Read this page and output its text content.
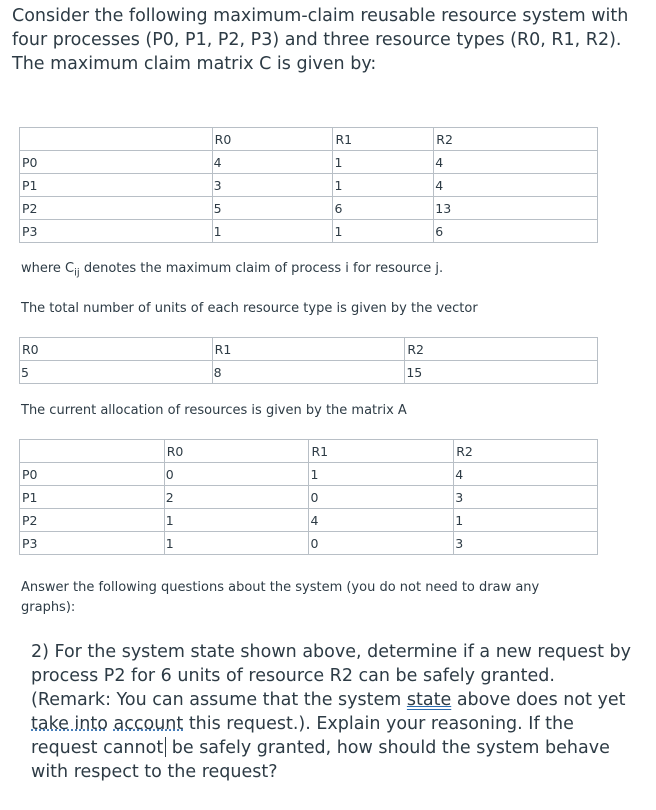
Consider the following maximum-claim reusable resource system with four processes (P0, P1, P2, P3) and three resource types (R0, R1, R2). The maximum claim matrix C is given by:

	R0	R1	R2
P0	4	1	4
P1	3	1	4
P2	5	6	13
P3	1	1	6

where $C_{ij}$ denotes the maximum claim of process i for resource j.

The total number of units of each resource type is given by the vector

R0	R1	R2
5	8	15

The current allocation of resources is given by the matrix A

	R0	R1	R2
P0	0	1	4
P1	2	0	3
P2	1	4	1
P3	1	0	3

Answer the following questions about the system (you do not need to draw any graphs):

2) For the system state shown above, determine if a new request by process P2 for 6 units of resource R2 can be safely granted. (Remark: You can assume that the system state above does not yet take into account this request.). Explain your reasoning. If the request cannot be safely granted, how should the system behave with respect to the request?
